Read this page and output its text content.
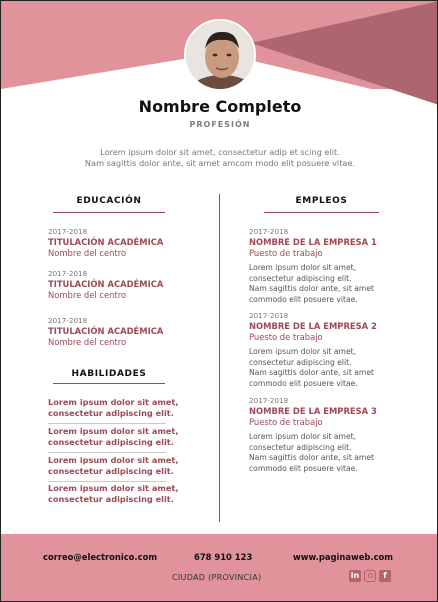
Nombre Completo
PROFESIÓN
Lorem ipsum dolor sit amet, consectetur adip et scing elit.
Nam sagittis dolor ante, sit amet amcom modo elit posuere vitae.
EDUCACIÓN
2017-2018
TITULACIÓN ACADÉMICA
Nombre del centro
2017-2018
TITULACIÓN ACADÉMICA
Nombre del centro
2017-2018
TITULACIÓN ACADÉMICA
Nombre del centro
HABILIDADES
Lorem ipsum dolor sit amet,
consectetur adipiscing elit.
Lorem ipsum dolor sit amet,
consectetur adipiscing elit.
Lorem ipsum dolor sit amet,
consectetur adipiscing elit.
Lorem ipsum dolor sit amet,
consectetur adipiscing elit.
EMPLEOS
2017-2018
NOMBRE DE LA EMPRESA 1
Puesto de trabajo
Lorem ipsum dolor sit amet,
consectetur adipiscing elit.
Nam sagittis dolor ante, sit amet
commodo elit posuere vitae.
2017-2018
NOMBRE DE LA EMPRESA 2
Puesto de trabajo
Lorem ipsum dolor sit amet,
consectetur adipiscing elit.
Nam sagittis dolor ante, sit amet
commodo elit posuere vitae.
2017-2018
NOMBRE DE LA EMPRESA 3
Puesto de trabajo
Lorem ipsum dolor sit amet,
consectetur adipiscing elit.
Nam sagittis dolor ante, sit amet
commodo elit posuere vitae.
correo@electronico.com	678 910 123	www.paginaweb.com
CIUDAD (PROVINCIA)	in	f
